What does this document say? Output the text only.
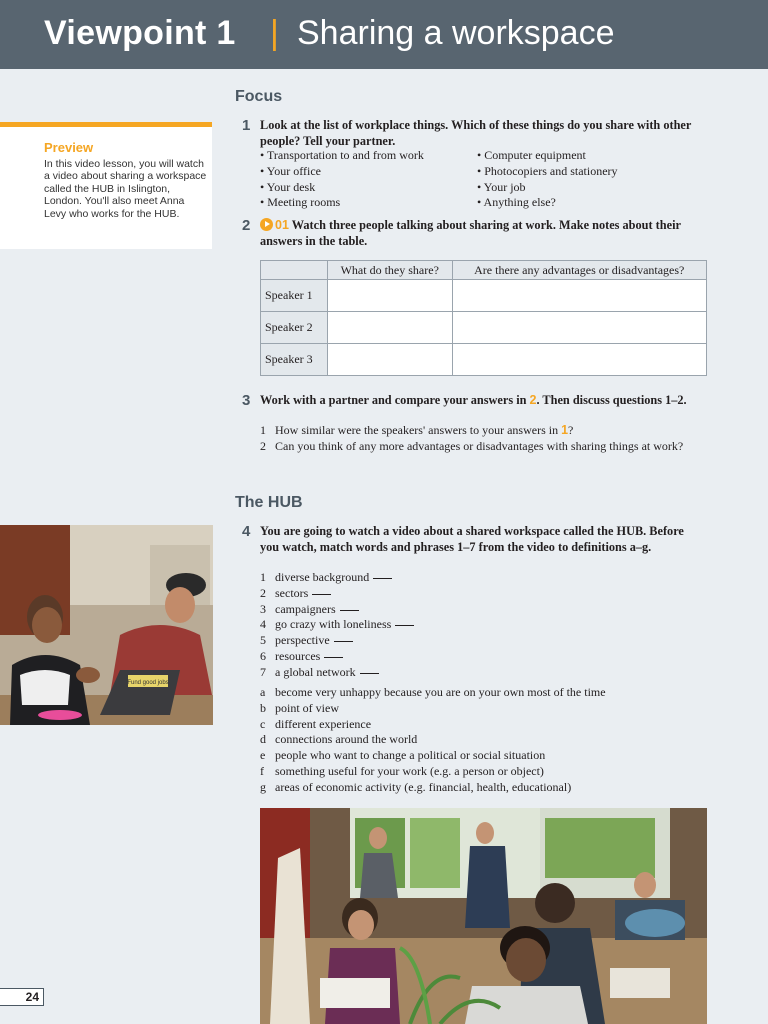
Viewpoint 1 | Sharing a workspace
Focus
Preview
In this video lesson, you will watch a video about sharing a workspace called the HUB in Islington, London. You'll also meet Anna Levy who works for the HUB.
1 Look at the list of workplace things. Which of these things do you share with other people? Tell your partner.
• Transportation to and from work
• Your office
• Your desk
• Meeting rooms
• Computer equipment
• Photocopiers and stationery
• Your job
• Anything else?
2	01 Watch three people talking about sharing at work. Make notes about their answers in the table.
	What do they share?	Are there any advantages or disadvantages?
Speaker 1		
Speaker 2		
Speaker 3		
3 Work with a partner and compare your answers in 2. Then discuss questions 1–2.
1 How similar were the speakers' answers to your answers in 1?
2 Can you think of any more advantages or disadvantages with sharing things at work?
The HUB
Fund good jobs
4 You are going to watch a video about a shared workspace called the HUB. Before you watch, match words and phrases 1–7 from the video to definitions a–g.
1 diverse background
2 sectors
3 campaigners
4 go crazy with loneliness
5 perspective
6 resources
7 a global network
a become very unhappy because you are on your own most of the time
b point of view
c different experience
d connections around the world
e people who want to change a political or social situation
f something useful for your work (e.g. a person or object)
g areas of economic activity (e.g. financial, health, educational)
24
